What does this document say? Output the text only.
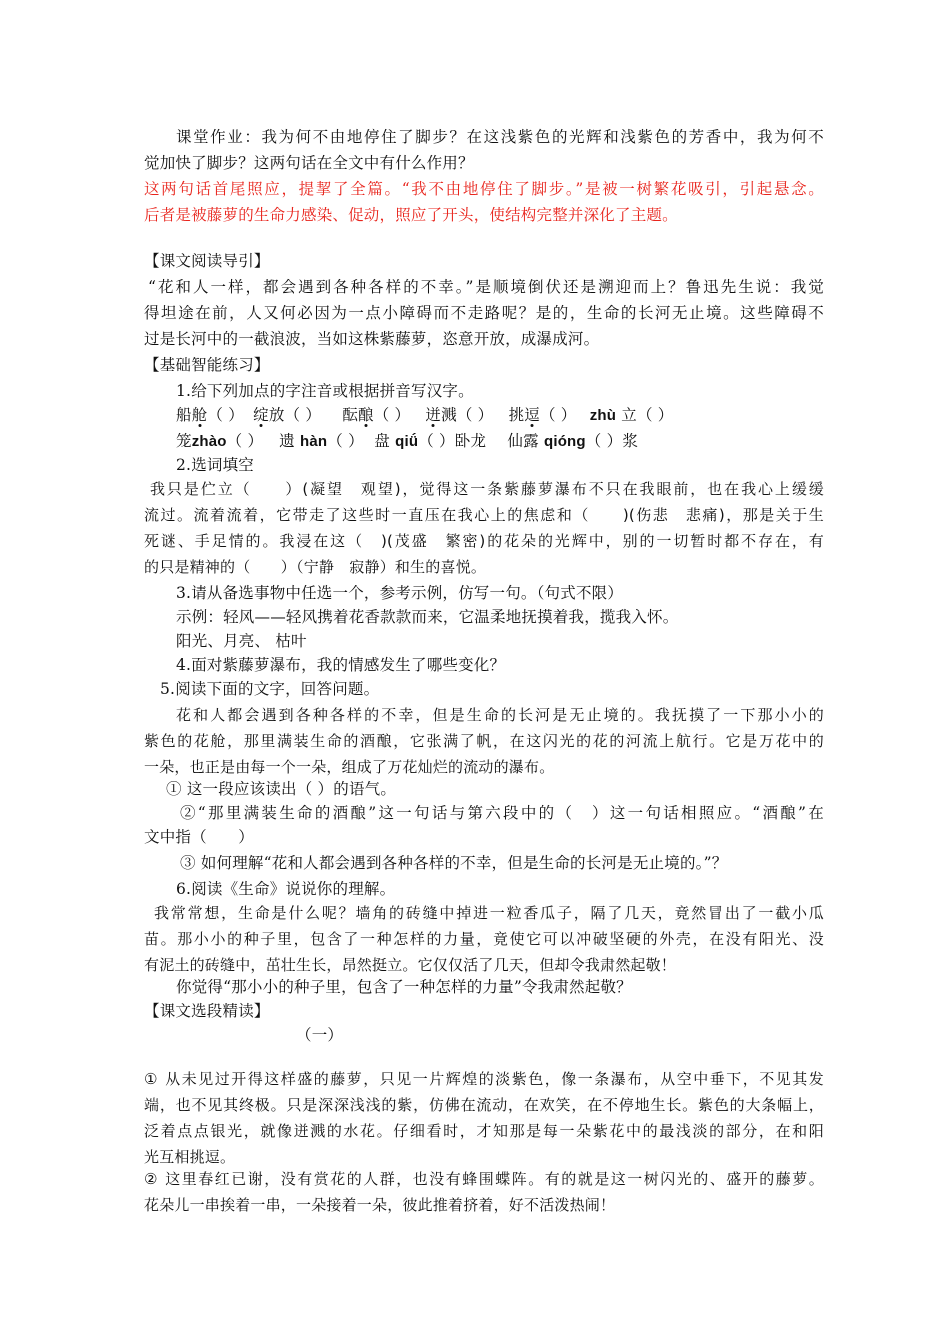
课堂作业：我为何不由地停住了脚步？在这浅紫色的光辉和浅紫色的芳香中，我为何不
觉加快了脚步？这两句话在全文中有什么作用？
这两句话首尾照应，提挈了全篇。“我不由地停住了脚步。”是被一树繁花吸引，引起悬念。
后者是被藤萝的生命力感染、促动，照应了开头，使结构完整并深化了主题。
【课文阅读导引】
“花和人一样，都会遇到各种各样的不幸。”是顺境倒伏还是溯迎而上？鲁迅先生说：我觉
得坦途在前，人又何必因为一点小障碍而不走路呢？是的，生命的长河无止境。这些障碍不
过是长河中的一截浪波，当如这株紫藤萝，恣意开放，成瀑成河。
【基础智能练习】
1.给下列加点的字注音或根据拼音写汉字。
船舱（ ） 绽放（ ） 酝酿（ ） 迸溅（ ） 挑逗（ ） zhù 立（ ）
笼zhào（ ） 遗 hàn（ ） 盘 qiǘ（ ）卧龙 仙露 qióng（ ）浆
2.选词填空
我只是伫立（　　）(凝望　观望)，觉得这一条紫藤萝瀑布不只在我眼前，也在我心上缓缓
流过。流着流着，它带走了这些时一直压在我心上的焦虑和（　　)(伤悲　悲痛)，那是关于生
死谜、手足情的。我浸在这（　)(茂盛　繁密)的花朵的光辉中，别的一切暂时都不存在，有
的只是精神的（　　）（宁静　寂静）和生的喜悦。
3.请从备选事物中任选一个，参考示例，仿写一句。（句式不限）
示例：轻风——轻风携着花香款款而来，它温柔地抚摸着我，揽我入怀。
阳光、月亮、 枯叶
4.面对紫藤萝瀑布，我的情感发生了哪些变化？
5.阅读下面的文字，回答问题。
花和人都会遇到各种各样的不幸，但是生命的长河是无止境的。我抚摸了一下那小小的
紫色的花舱，那里满装生命的酒酿，它张满了帆，在这闪光的花的河流上航行。它是万花中的
一朵，也正是由每一个一朵，组成了万花灿烂的流动的瀑布。
① 这一段应该读出（ ）的语气。
②“那里满装生命的酒酿”这一句话与第六段中的（　）这一句话相照应。“酒酿”在
文中指（　　）
③ 如何理解“花和人都会遇到各种各样的不幸，但是生命的长河是无止境的。”？
6.阅读《生命》说说你的理解。
我常常想，生命是什么呢？墙角的砖缝中掉进一粒香瓜子，隔了几天，竟然冒出了一截小瓜
苗。那小小的种子里，包含了一种怎样的力量，竟使它可以冲破坚硬的外壳，在没有阳光、没
有泥土的砖缝中，茁壮生长，昂然挺立。它仅仅活了几天，但却令我肃然起敬！
你觉得“那小小的种子里，包含了一种怎样的力量”令我肃然起敬？
【课文选段精读】
（一）
① 从未见过开得这样盛的藤萝，只见一片辉煌的淡紫色，像一条瀑布，从空中垂下，不见其发
端，也不见其终极。只是深深浅浅的紫，仿佛在流动，在欢笑，在不停地生长。紫色的大条幅上，
泛着点点银光，就像迸溅的水花。仔细看时，才知那是每一朵紫花中的最浅淡的部分，在和阳
光互相挑逗。
② 这里春红已谢，没有赏花的人群，也没有蜂围蝶阵。有的就是这一树闪光的、盛开的藤萝。
花朵儿一串挨着一串，一朵接着一朵，彼此推着挤着，好不活泼热闹！
